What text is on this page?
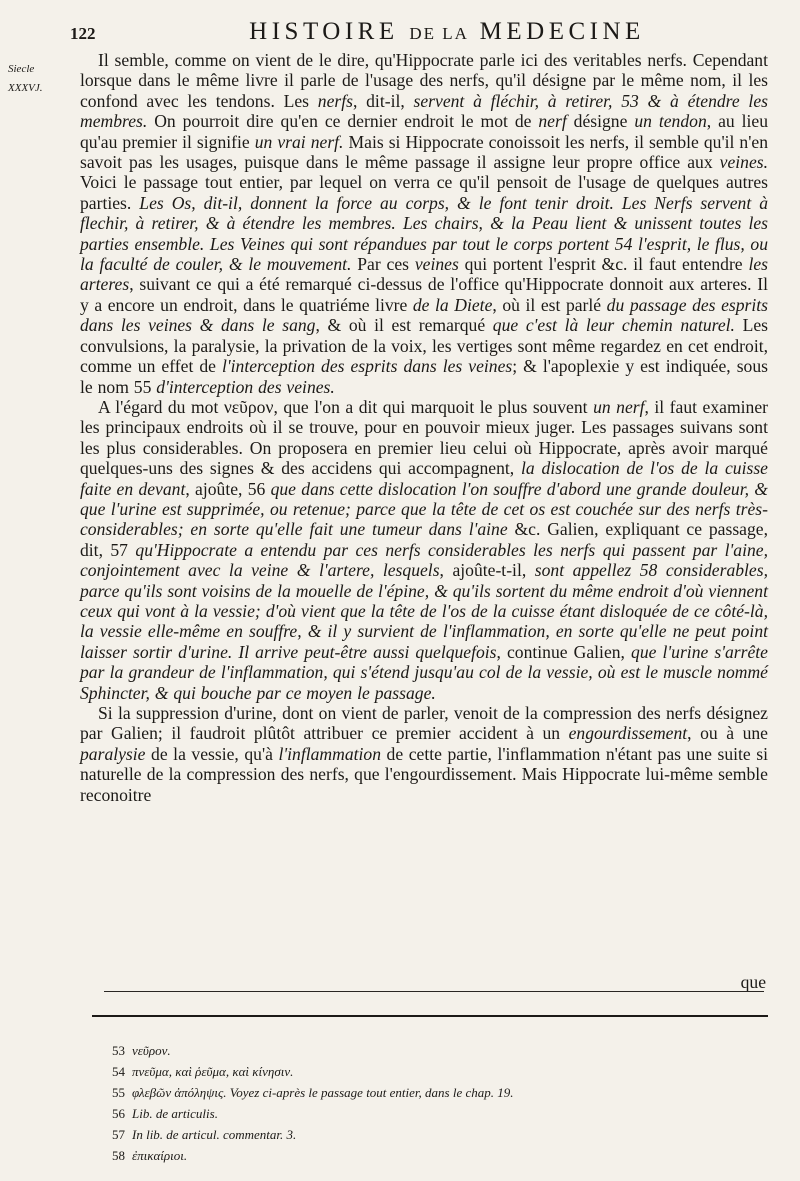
122	HISTOIRE DE LA MEDECINE
Siecle
XXXVJ.

Il semble, comme on vient de le dire, qu'Hippocrate parle ici des veritables nerfs. Cependant lorsque dans le même livre il parle de l'usage des nerfs, qu'il désigne par le même nom, il les confond avec les tendons. Les nerfs, dit-il, servent à fléchir, à retirer, 53 & à étendre les membres. On pourroit dire qu'en ce dernier endroit le mot de nerf désigne un tendon, au lieu qu'au premier il signifie un vrai nerf. Mais si Hippocrate conoissoit les nerfs, il semble qu'il n'en savoit pas les usages, puisque dans le même passage il assigne leur propre office aux veines. Voici le passage tout entier, par lequel on verra ce qu'il pensoit de l'usage de quelques autres parties. Les Os, dit-il, donnent la force au corps, & le font tenir droit. Les Nerfs servent à flechir, à retirer, & à étendre les membres. Les chairs, & la Peau lient & unissent toutes les parties ensemble. Les Veines qui sont répandues par tout le corps portent 54 l'esprit, le flus, ou la faculté de couler, & le mouvement. Par ces veines qui portent l'esprit &c. il faut entendre les arteres, suivant ce qui a été remarqué ci-dessus de l'office qu'Hippocrate donnoit aux arteres. Il y a encore un endroit, dans le quatriéme livre de la Diete, où il est parlé du passage des esprits dans les veines & dans le sang, & où il est remarqué que c'est là leur chemin naturel. Les convulsions, la paralysie, la privation de la voix, les vertiges sont même regardez en cet endroit, comme un effet de l'interception des esprits dans les veines; & l'apoplexie y est indiquée, sous le nom 55 d'interception des veines.

A l'égard du mot νεῦρον, que l'on a dit qui marquoit le plus souvent un nerf, il faut examiner les principaux endroits où il se trouve, pour en pouvoir mieux juger. Les passages suivans sont les plus considerables. On proposera en premier lieu celui où Hippocrate, après avoir marqué quelques-uns des signes & des accidens qui accompagnent, la dislocation de l'os de la cuisse faite en devant, ajoûte, 56 que dans cette dislocation l'on souffre d'abord une grande douleur, & que l'urine est supprimée, ou retenue; parce que la tête de cet os est couchée sur des nerfs très-considerables; en sorte qu'elle fait une tumeur dans l'aine &c. Galien, expliquant ce passage, dit, 57 qu'Hippocrate a entendu par ces nerfs considerables les nerfs qui passent par l'aine, conjointement avec la veine & l'artere, lesquels, ajoûte-t-il, sont appellez 58 considerables, parce qu'ils sont voisins de la mouelle de l'épine, & qu'ils sortent du même endroit d'où viennent ceux qui vont à la vessie; d'où vient que la tête de l'os de la cuisse étant disloquée de ce côté-là, la vessie elle-même en souffre, & il y survient de l'inflammation, en sorte qu'elle ne peut point laisser sortir d'urine. Il arrive peut-être aussi quelquefois, continue Galien, que l'urine s'arrête par la grandeur de l'inflammation, qui s'étend jusqu'au col de la vessie, où est le muscle nommé Sphincter, & qui bouche par ce moyen le passage.

Si la suppression d'urine, dont on vient de parler, venoit de la compression des nerfs désignez par Galien; il faudroit plûtôt attribuer ce premier accident à un engourdissement, ou à une paralysie de la vessie, qu'à l'inflammation de cette partie, l'inflammation n'étant pas une suite si naturelle de la compression des nerfs, que l'engourdissement. Mais Hippocrate lui-même semble reconoitre

que
53 νεῦρον.
54 πνεῦμα, καὶ ῥεῦμα, καὶ κίνησιν.
55 φλεβῶν ἀπόληψις. Voyez ci-après le passage tout entier, dans le chap. 19.
56 Lib. de articulis.
57 In lib. de articul. commentar. 3.
58 ἐπικαίριοι.
